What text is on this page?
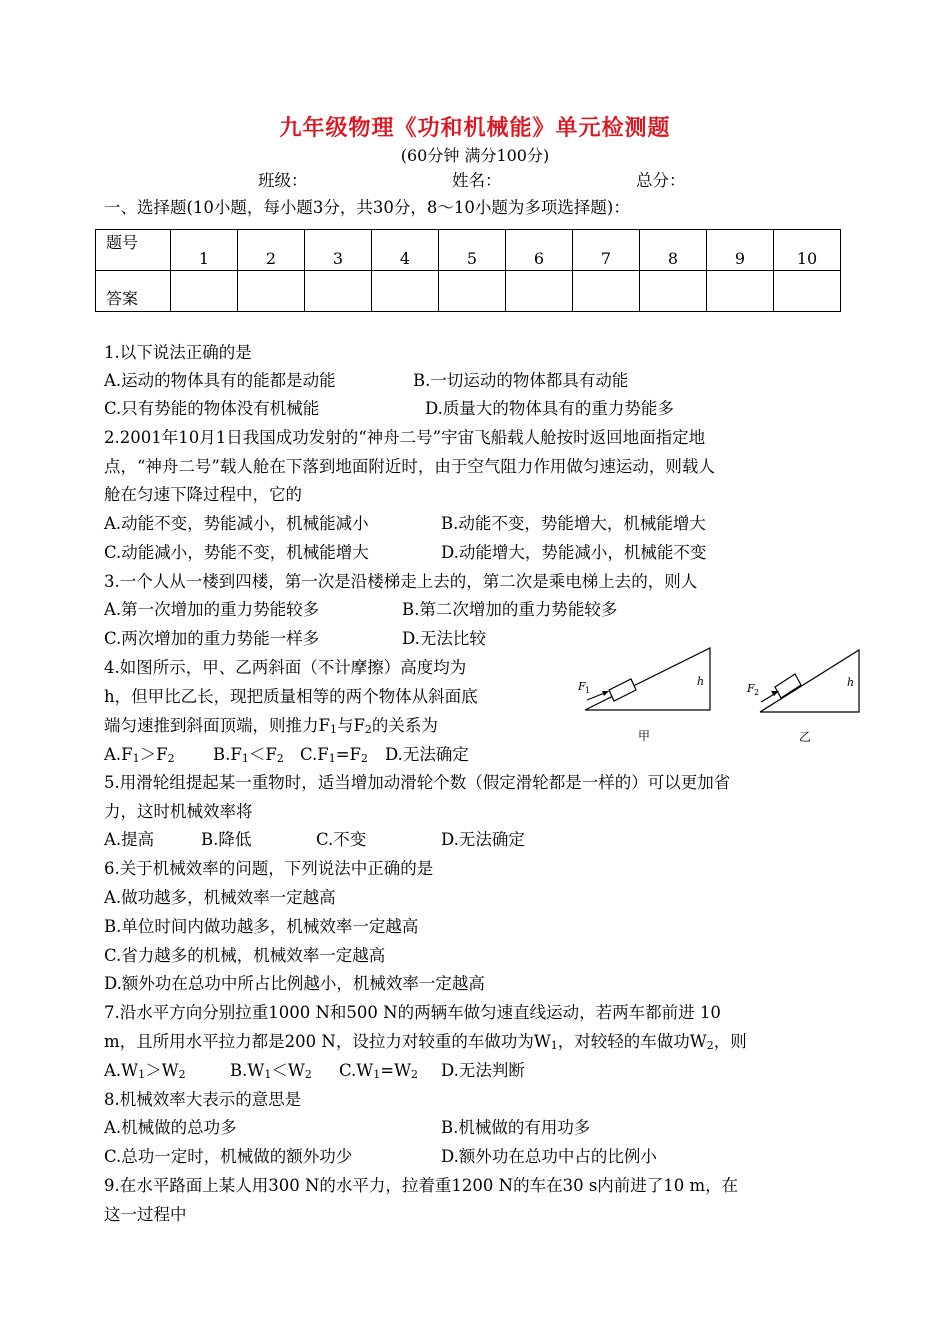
九年级物理《功和机械能》单元检测题
(60分钟 满分100分)
班级：	姓名：	总分：
一、选择题(10小题，每小题3分，共30分，8～10小题为多项选择题)：
题号	1	2	3	4	5	6	7	8	9	10
答案										
1.以下说法正确的是
A.运动的物体具有的能都是动能	B.一切运动的物体都具有动能
C.只有势能的物体没有机械能	D.质量大的物体具有的重力势能多
2.2001年10月1日我国成功发射的“神舟二号”宇宙飞船载人舱按时返回地面指定地
点，“神舟二号”载人舱在下落到地面附近时，由于空气阻力作用做匀速运动，则载人
舱在匀速下降过程中，它的
A.动能不变，势能减小，机械能减小	B.动能不变，势能增大，机械能增大
C.动能减小，势能不变，机械能增大	D.动能增大，势能减小，机械能不变
3.一个人从一楼到四楼，第一次是沿楼梯走上去的，第二次是乘电梯上去的，则人
A.第一次增加的重力势能较多	B.第二次增加的重力势能较多
C.两次增加的重力势能一样多	D.无法比较
4.如图所示，甲、乙两斜面（不计摩擦）高度均为
h，但甲比乙长，现把质量相等的两个物体从斜面底
端匀速推到斜面顶端，则推力$F_1$与$F_2$的关系为
$A.F_1>F_2$ $B.F_1<F_2$ $C.F_1=F_2$ D.无法确定
F 1
h
甲
F 2
h
乙
5.用滑轮组提起某一重物时，适当增加动滑轮个数（假定滑轮都是一样的）可以更加省
力，这时机械效率将
A.提高	B.降低	C.不变	D.无法确定
6.关于机械效率的问题，下列说法中正确的是
A.做功越多，机械效率一定越高
B.单位时间内做功越多，机械效率一定越高
C.省力越多的机械，机械效率一定越高
D.额外功在总功中所占比例越小，机械效率一定越高
7.沿水平方向分别拉重1000 N和500 N的两辆车做匀速直线运动，若两车都前进 10
m，且所用水平拉力都是200 N，设拉力对较重的车做功为$W_1$，对较轻的车做功$W_2$，则
$A.W_1>W_2$	$B.W_1<W_2$ $C.W_1=W_2$ D.无法判断
8.机械效率大表示的意思是
A.机械做的总功多	B.机械做的有用功多
C.总功一定时，机械做的额外功少	D.额外功在总功中占的比例小
9.在水平路面上某人用300 N的水平力，拉着重1200 N的车在30 s内前进了10 m，在
这一过程中
